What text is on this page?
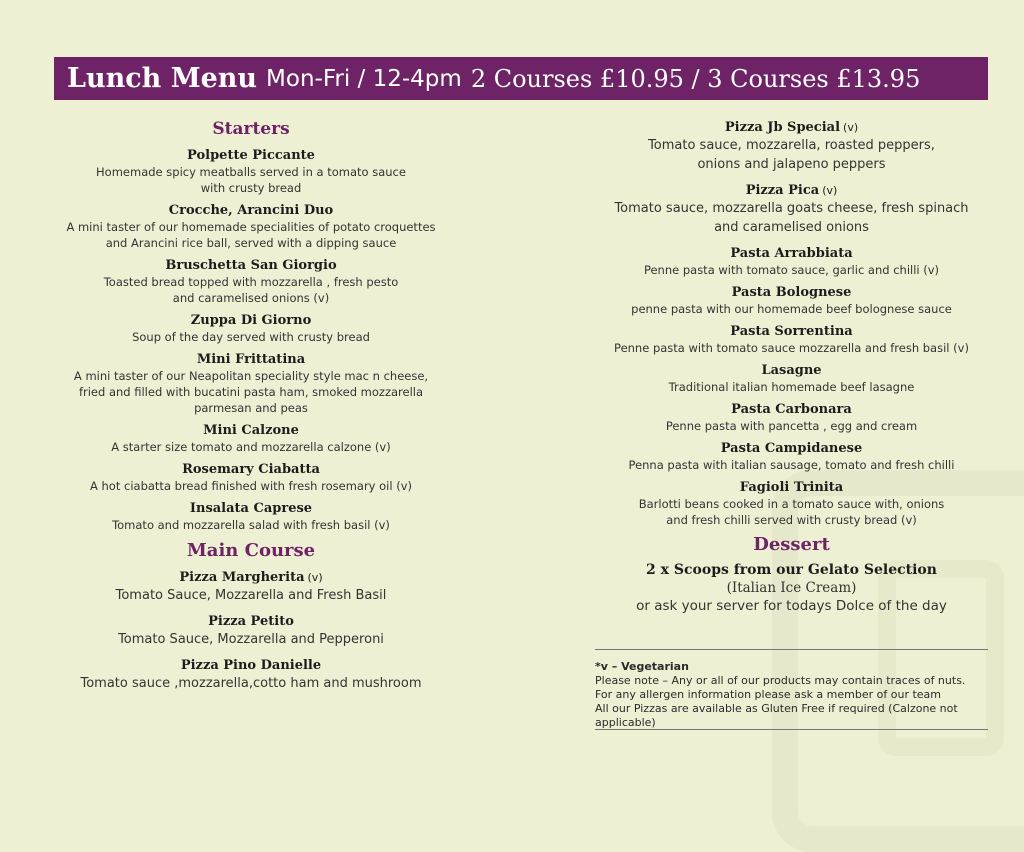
Lunch Menu Mon-Fri / 12-4pm 2 Courses £10.95 / 3 Courses £13.95
Starters
Polpette Piccante
Homemade spicy meatballs served in a tomato sauce
with crusty bread
Crocche, Arancini Duo
A mini taster of our homemade specialities of potato croquettes
and Arancini rice ball, served with a dipping sauce
Bruschetta San Giorgio
Toasted bread topped with mozzarella , fresh pesto
and caramelised onions (v)
Zuppa Di Giorno
Soup of the day served with crusty bread
Mini Frittatina
A mini taster of our Neapolitan speciality style mac n cheese,
fried and filled with bucatini pasta ham, smoked mozzarella
parmesan and peas
Mini Calzone
A starter size tomato and mozzarella calzone (v)
Rosemary Ciabatta
A hot ciabatta bread finished with fresh rosemary oil (v)
Insalata Caprese
Tomato and mozzarella salad with fresh basil (v)
Main Course
Pizza Margherita (v)
Tomato Sauce, Mozzarella and Fresh Basil
Pizza Petito
Tomato Sauce, Mozzarella and Pepperoni
Pizza Pino Danielle
Tomato sauce ,mozzarella,cotto ham and mushroom
Pizza Jb Special (v)
Tomato sauce, mozzarella, roasted peppers,
onions and jalapeno peppers
Pizza Pica (v)
Tomato sauce, mozzarella goats cheese, fresh spinach
and caramelised onions
Pasta Arrabbiata
Penne pasta with tomato sauce, garlic and chilli (v)
Pasta Bolognese
penne pasta with our homemade beef bolognese sauce
Pasta Sorrentina
Penne pasta with tomato sauce mozzarella and fresh basil (v)
Lasagne
Traditional italian homemade beef lasagne
Pasta Carbonara
Penne pasta with pancetta , egg and cream
Pasta Campidanese
Penna pasta with italian sausage, tomato and fresh chilli
Fagioli Trinita
Barlotti beans cooked in a tomato sauce with, onions
and fresh chilli served with crusty bread (v)
Dessert
2 x Scoops from our Gelato Selection
(Italian Ice Cream)
or ask your server for todays Dolce of the day
*v – Vegetarian
Please note – Any or all of our products may contain traces of nuts.
For any allergen information please ask a member of our team
All our Pizzas are available as Gluten Free if required (Calzone not applicable)
